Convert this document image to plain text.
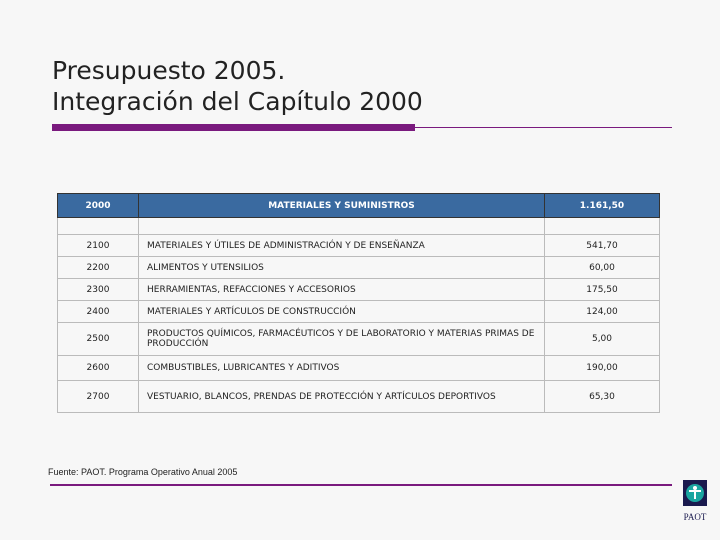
Presupuesto 2005.
Integración del Capítulo 2000
2000	MATERIALES Y SUMINISTROS	1.161,50

2100	MATERIALES Y ÚTILES DE ADMINISTRACIÓN Y DE ENSEÑANZA	541,70
2200	ALIMENTOS Y UTENSILIOS	60,00
2300	HERRAMIENTAS, REFACCIONES Y ACCESORIOS	175,50
2400	MATERIALES Y ARTÍCULOS DE CONSTRUCCIÓN	124,00
2500	PRODUCTOS QUÍMICOS, FARMACÉUTICOS Y DE LABORATORIO Y MATERIAS PRIMAS DE PRODUCCIÓN	5,00
2600	COMBUSTIBLES, LUBRICANTES Y ADITIVOS	190,00
2700	VESTUARIO, BLANCOS, PRENDAS DE PROTECCIÓN Y ARTÍCULOS DEPORTIVOS	65,30
Fuente: PAOT. Programa Operativo Anual 2005
PAOT
